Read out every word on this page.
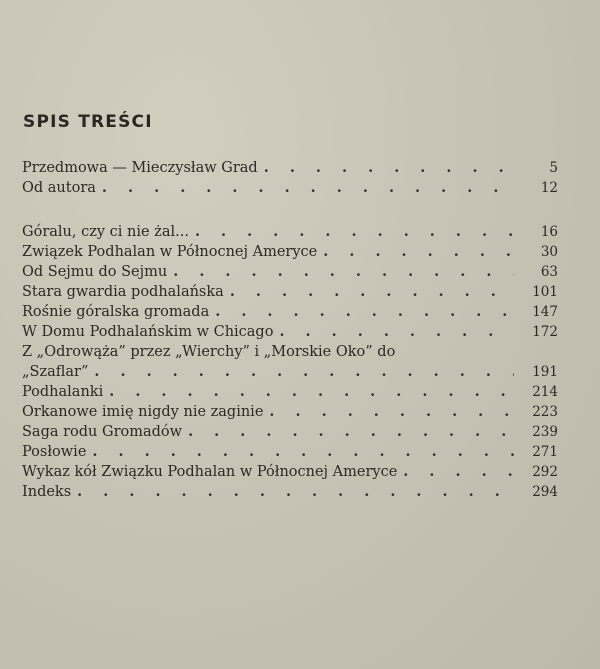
SPIS TREŚCI
Przedmowa — Mieczysław Grad . . .	5
Od autora . . .	12
Góralu, czy ci nie żal... . . .	16
Związek Podhalan w Północnej Ameryce . . .	30
Od Sejmu do Sejmu . . .	63
Stara gwardia podhalańska . . .	101
Rośnie góralska gromada . . .	147
W Domu Podhalańskim w Chicago . . .	172
Z „Odrowąża” przez „Wierchy” i „Morskie Oko” do
„Szaflar” . . .	191
Podhalanki . . .	214
Orkanowe imię nigdy nie zaginie . . .	223
Saga rodu Gromadów . . .	239
Posłowie . . .	271
Wykaz kół Związku Podhalan w Północnej Ameryce . . .	292
Indeks . . .	294
